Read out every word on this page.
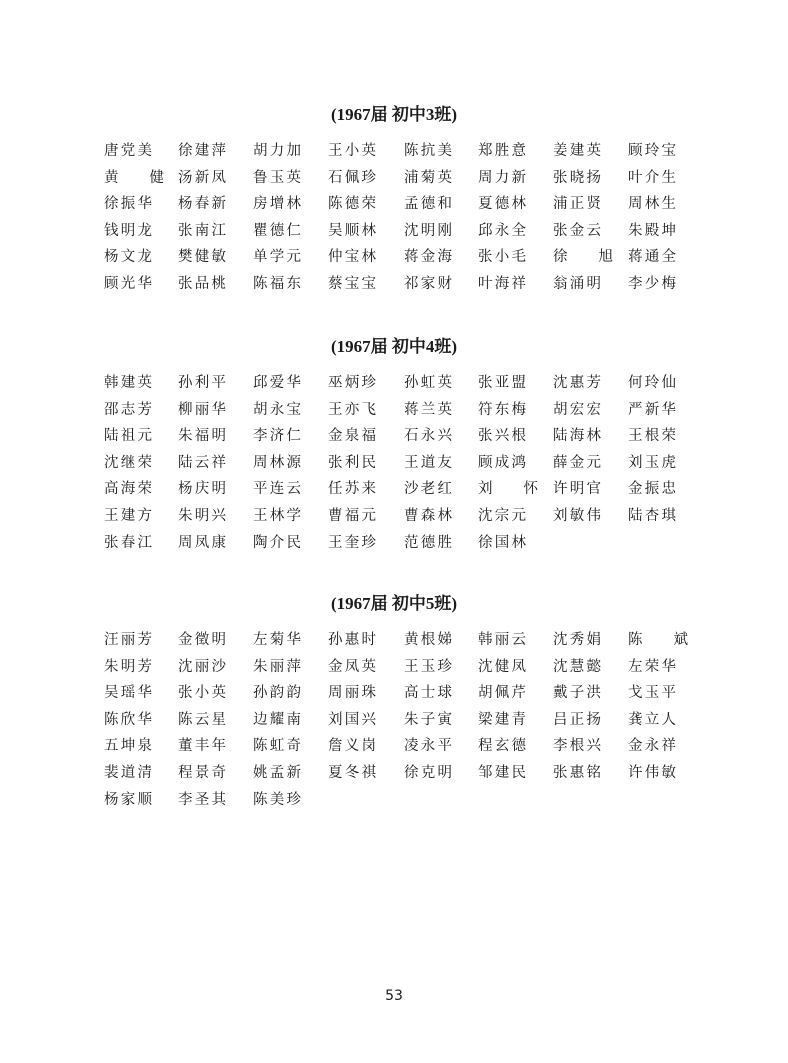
(1967届 初中3班)
唐党美 徐建萍 胡力加 王小英 陈抗美 郑胜意 姜建英 顾玲宝
黄　健 汤新凤 鲁玉英 石佩珍 浦菊英 周力新 张晓扬 叶介生
徐振华 杨春新 房增林 陈德荣 孟德和 夏德林 浦正贤 周林生
钱明龙 张南江 瞿德仁 吴顺林 沈明刚 邱永全 张金云 朱殿坤
杨文龙 樊健敏 单学元 仲宝林 蒋金海 张小毛 徐　旭 蒋通全
顾光华 张品桃 陈福东 蔡宝宝 祁家财 叶海祥 翁涌明 李少梅
(1967届 初中4班)
韩建英 孙利平 邱爱华 巫炳珍 孙虹英 张亚盟 沈惠芳 何玲仙
邵志芳 柳丽华 胡永宝 王亦飞 蒋兰英 符东梅 胡宏宏 严新华
陆祖元 朱福明 李济仁 金泉福 石永兴 张兴根 陆海林 王根荣
沈继荣 陆云祥 周林源 张利民 王道友 顾成鸿 薛金元 刘玉虎
高海荣 杨庆明 平连云 任苏来 沙老红 刘　怀 许明官 金振忠
王建方 朱明兴 王林学 曹福元 曹森林 沈宗元 刘敏伟 陆杏琪
张春江 周凤康 陶介民 王奎珍 范德胜 徐国林
(1967届 初中5班)
汪丽芳 金徵明 左菊华 孙惠时 黄根娣 韩丽云 沈秀娟 陈　斌
朱明芳 沈丽沙 朱丽萍 金凤英 王玉珍 沈健凤 沈慧懿 左荣华
吴瑶华 张小英 孙韵韵 周丽珠 高士球 胡佩芹 戴子洪 戈玉平
陈欣华 陈云星 边耀南 刘国兴 朱子寅 梁建青 吕正扬 龚立人
五坤泉 董丰年 陈虹奇 詹义岗 凌永平 程玄德 李根兴 金永祥
裴道清 程景奇 姚孟新 夏冬祺 徐克明 邹建民 张惠铭 许伟敏
杨家顺 李圣其 陈美珍
53
